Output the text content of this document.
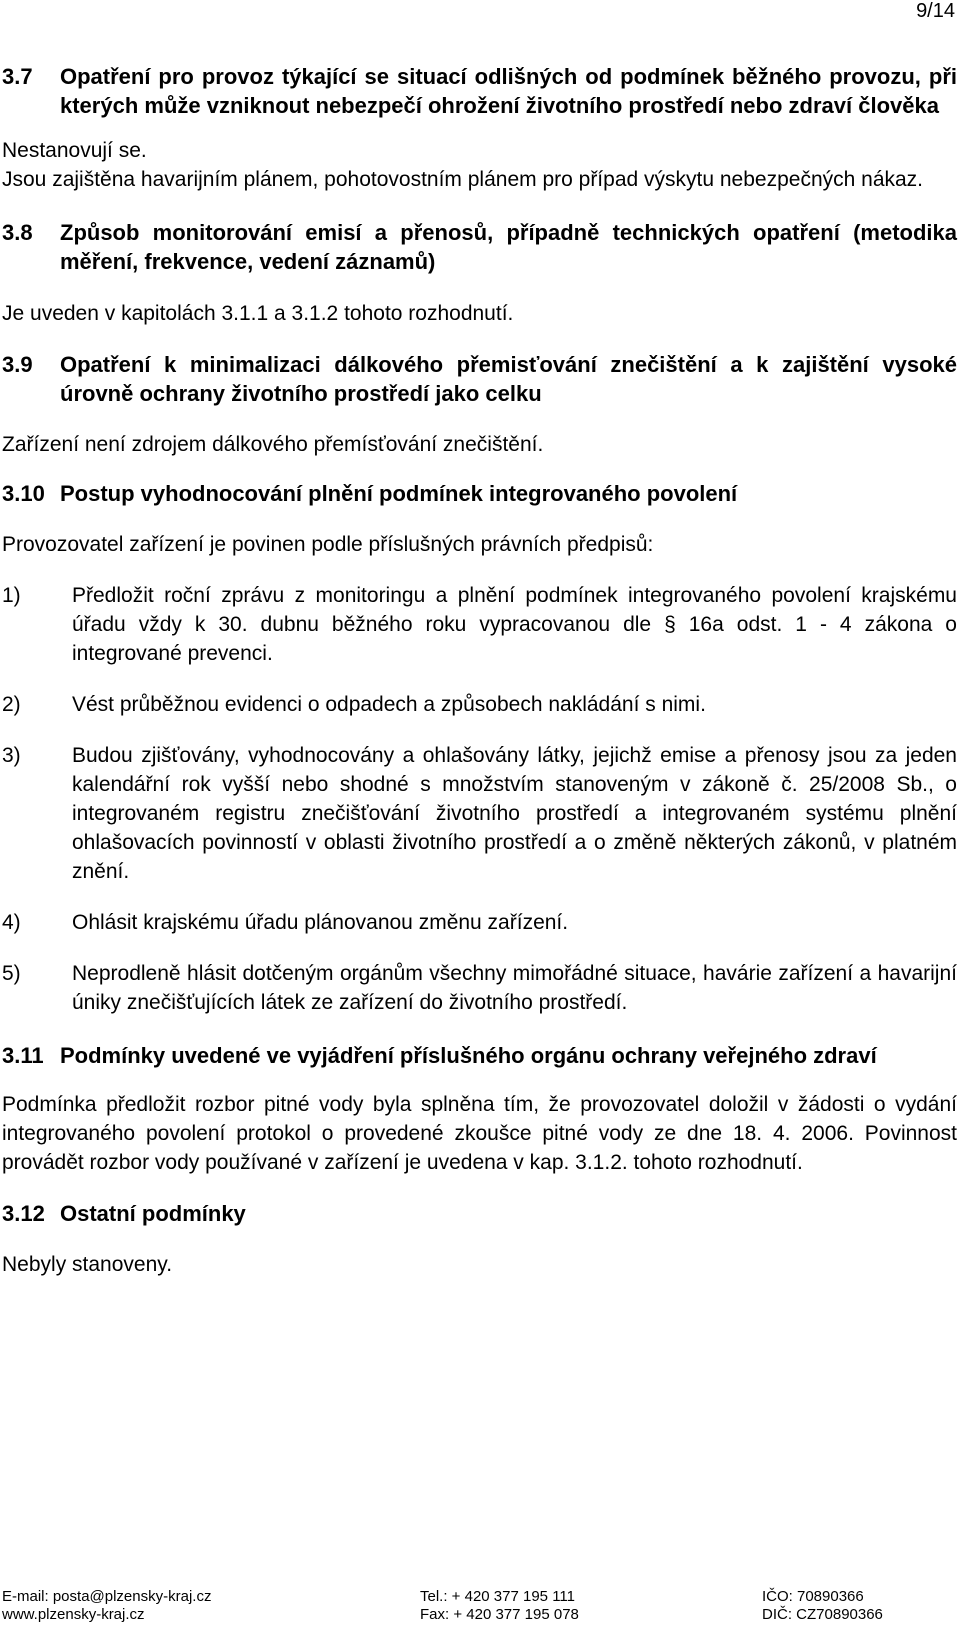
9/14
3.7	Opatření pro provoz týkající se situací odlišných od podmínek běžného provozu, při kterých může vzniknout nebezpečí ohrožení životního prostředí nebo zdraví člověka

Nestanovují se.

Jsou zajištěna havarijním plánem, pohotovostním plánem pro případ výskytu nebezpečných nákaz.

3.8	Způsob monitorování emisí a přenosů, případně technických opatření (metodika měření, frekvence, vedení záznamů)

Je uveden v kapitolách 3.1.1 a 3.1.2 tohoto rozhodnutí.

3.9	Opatření k minimalizaci dálkového přemisťování znečištění a k zajištění vysoké úrovně ochrany životního prostředí jako celku

Zařízení není zdrojem dálkového přemísťování znečištění.

3.10 Postup vyhodnocování plnění podmínek integrovaného povolení

Provozovatel zařízení je povinen podle příslušných právních předpisů:

1)	Předložit roční zprávu z monitoringu a plnění podmínek integrovaného povolení krajskému úřadu vždy k 30. dubnu běžného roku vypracovanou dle § 16a odst. 1 - 4 zákona o integrované prevenci.
2)	Vést průběžnou evidenci o odpadech a způsobech nakládání s nimi.
3)	Budou zjišťovány, vyhodnocovány a ohlašovány látky, jejichž emise a přenosy jsou za jeden kalendářní rok vyšší nebo shodné s množstvím stanoveným v zákoně č. 25/2008 Sb., o integrovaném registru znečišťování životního prostředí a integrovaném systému plnění ohlašovacích povinností v oblasti životního prostředí a o změně některých zákonů, v platném znění.
4)	Ohlásit krajskému úřadu plánovanou změnu zařízení.
5)	Neprodleně hlásit dotčeným orgánům všechny mimořádné situace, havárie zařízení a havarijní úniky znečišťujících látek ze zařízení do životního prostředí.
3.11 Podmínky uvedené ve vyjádření příslušného orgánu ochrany veřejného zdraví

Podmínka předložit rozbor pitné vody byla splněna tím, že provozovatel doložil v žádosti o vydání integrovaného povolení protokol o provedené zkoušce pitné vody ze dne 18. 4. 2006. Povinnost provádět rozbor vody používané v zařízení je uvedena v kap. 3.1.2. tohoto rozhodnutí.

3.12 Ostatní podmínky

Nebyly stanoveny.

E-mail: posta@plzensky-kraj.cz
www.plzensky-kraj.cz
Tel.: + 420 377 195 111
Fax: + 420 377 195 078
IČO: 70890366
DIČ: CZ70890366
